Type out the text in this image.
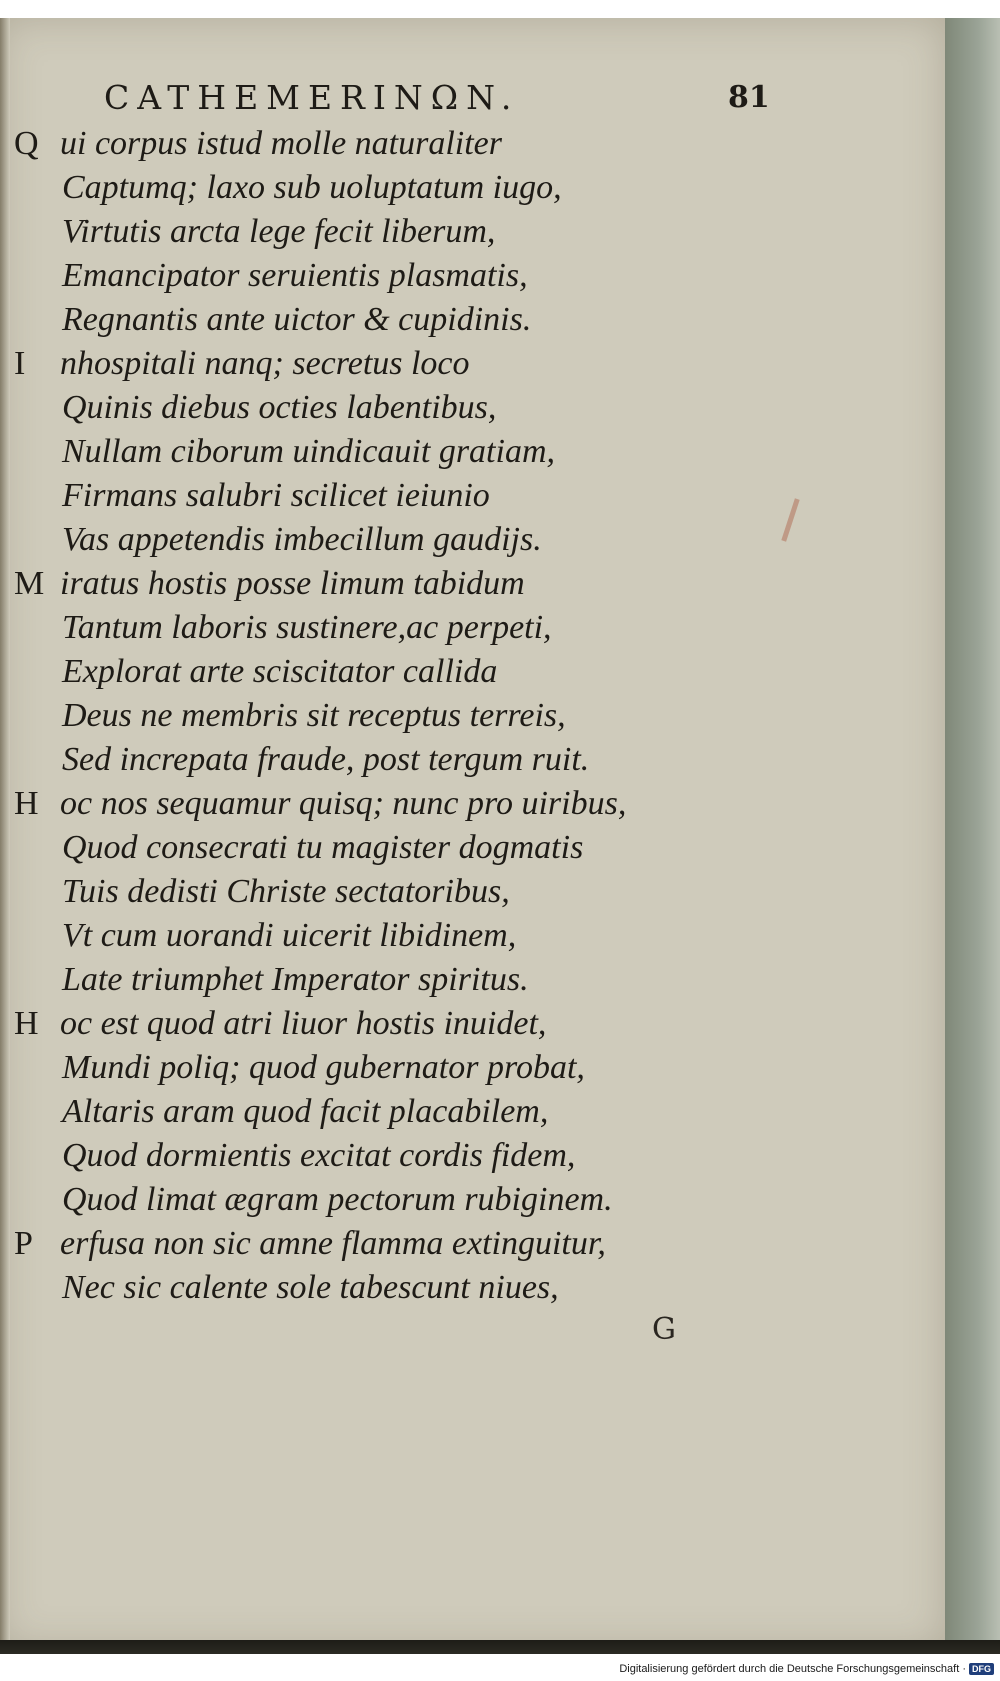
CATHEMERINΩN.	81
Q ui corpus istud molle naturaliter
Captumq; laxo sub uoluptatum iugo,
Virtutis arcta lege fecit liberum,
Emancipator seruientis plasmatis,
Regnantis ante uictor & cupidinis.
I	nhospitali nanq; secretus loco
Quinis diebus octies labentibus,
Nullam ciborum uindicauit gratiam,
Firmans salubri scilicet ieiunio
Vas appetendis imbecillum gaudijs.
M iratus hostis posse limum tabidum
Tantum laboris sustinere,ac perpeti,
Explorat arte sciscitator callida
Deus ne membris sit receptus terreis,
Sed increpata fraude, post tergum ruit.
H oc nos sequamur quisq; nunc pro uiribus,
Quod consecrati tu magister dogmatis
Tuis dedisti Christe sectatoribus,
Vt cum uorandi uicerit libidinem,
Late triumphet Imperator spiritus.
H oc est quod atri liuor hostis inuidet,
Mundi poliq; quod gubernator probat,
Altaris aram quod facit placabilem,
Quod dormientis excitat cordis fidem,
Quod limat ægram pectorum rubiginem.
P erfusa non sic amne flamma extinguitur,
Nec sic calente sole tabescunt niues,
G
Digitalisierung gefördert durch die Deutsche Forschungsgemeinschaft · DFG
